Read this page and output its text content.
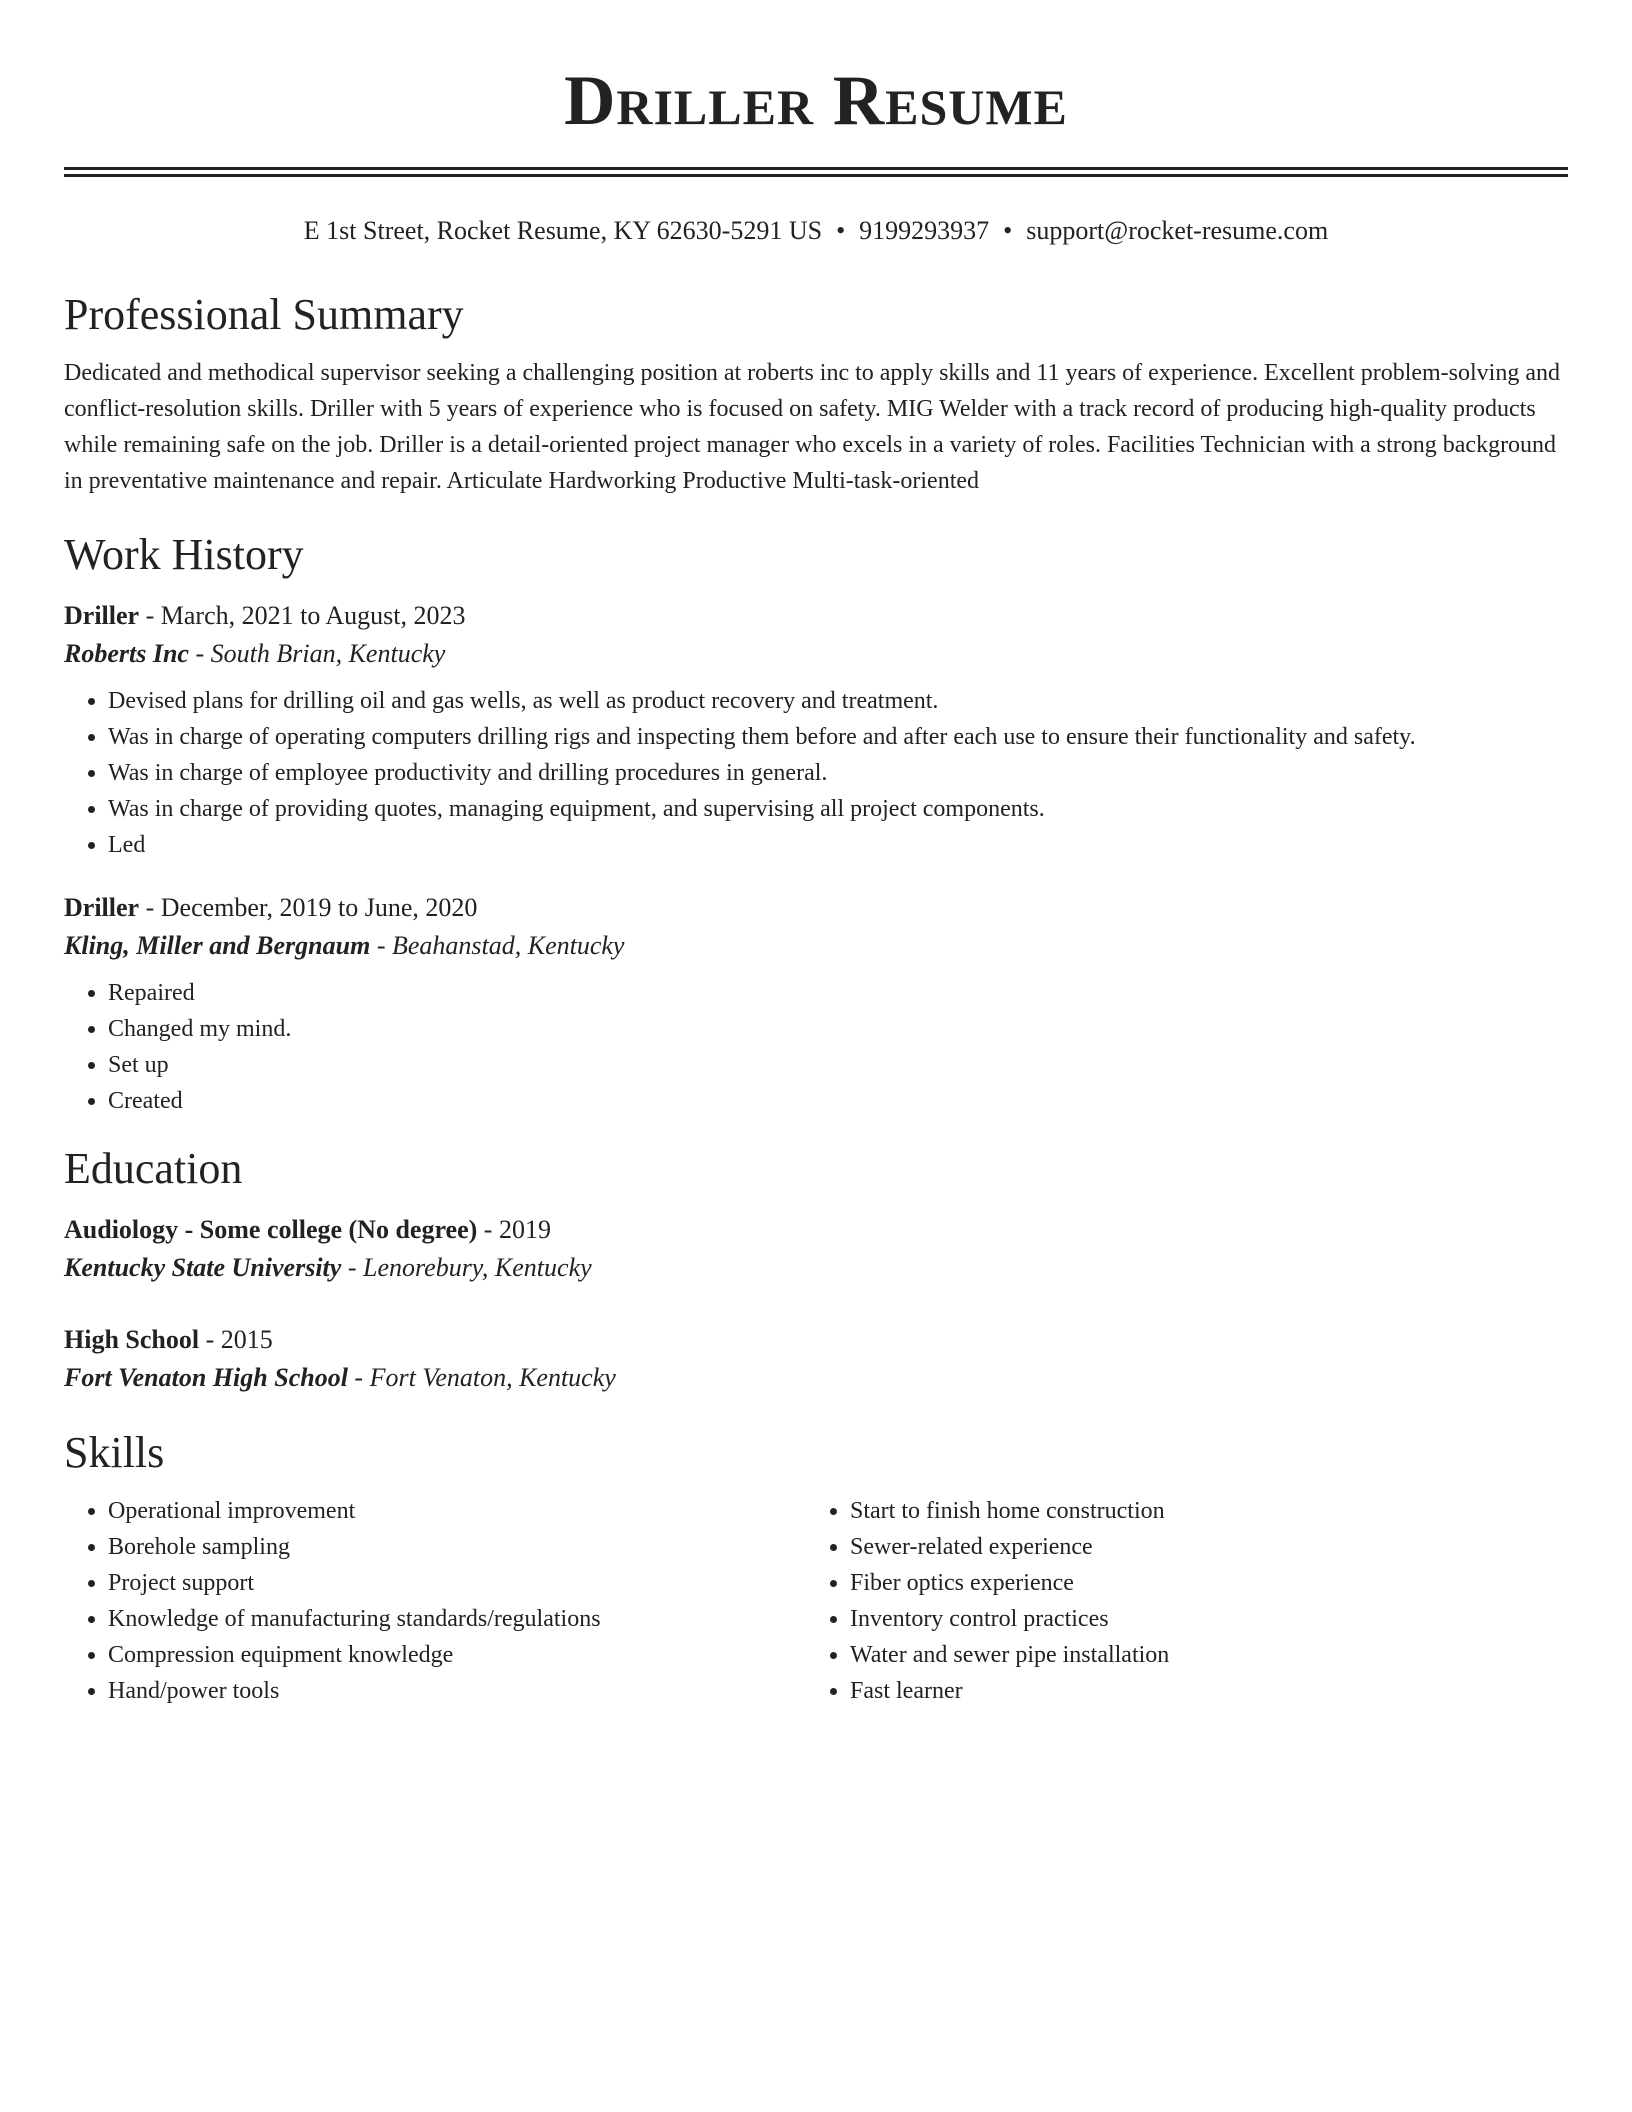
Driller Resume
E 1st Street, Rocket Resume, KY 62630-5291 US • 9199293937 • support@rocket-resume.com
Professional Summary
Dedicated and methodical supervisor seeking a challenging position at roberts inc to apply skills and 11 years of experience. Excellent problem-solving and conflict-resolution skills. Driller with 5 years of experience who is focused on safety. MIG Welder with a track record of producing high-quality products while remaining safe on the job. Driller is a detail-oriented project manager who excels in a variety of roles. Facilities Technician with a strong background in preventative maintenance and repair. Articulate Hardworking Productive Multi-task-oriented
Work History
Driller - March, 2021 to August, 2023
Roberts Inc - South Brian, Kentucky
• Devised plans for drilling oil and gas wells, as well as product recovery and treatment.
• Was in charge of operating computers drilling rigs and inspecting them before and after each use to ensure their functionality and safety.
• Was in charge of employee productivity and drilling procedures in general.
• Was in charge of providing quotes, managing equipment, and supervising all project components.
• Led
Driller - December, 2019 to June, 2020
Kling, Miller and Bergnaum - Beahanstad, Kentucky
• Repaired
• Changed my mind.
• Set up
• Created
Education
Audiology - Some college (No degree) - 2019
Kentucky State University - Lenorebury, Kentucky
High School - 2015
Fort Venaton High School - Fort Venaton, Kentucky
Skills
• Operational improvement
• Borehole sampling
• Project support
• Knowledge of manufacturing standards/regulations
• Compression equipment knowledge
• Hand/power tools
• Start to finish home construction
• Sewer-related experience
• Fiber optics experience
• Inventory control practices
• Water and sewer pipe installation
• Fast learner
